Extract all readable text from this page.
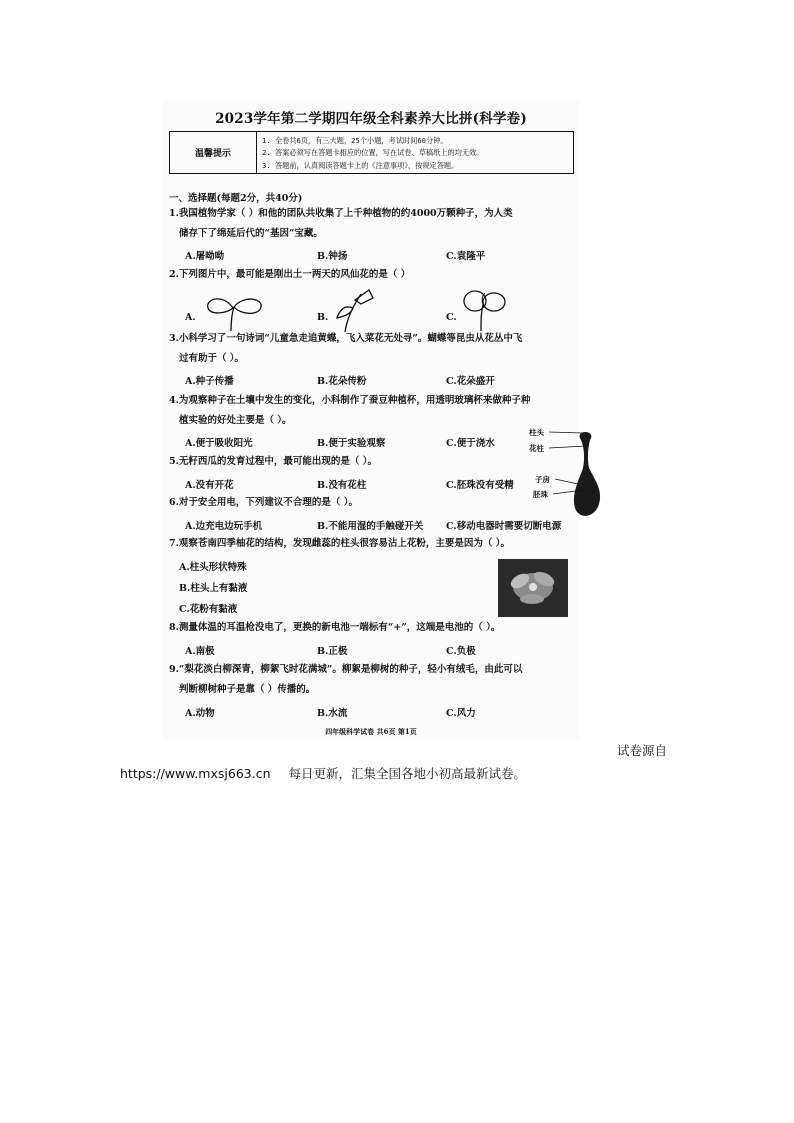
2023学年第二学期四年级全科素养大比拼(科学卷)
温馨提示
1. 全卷共6页，有三大题，25个小题，考试时间60分钟。
2. 答案必须写在答题卡相应的位置，写在试卷、草稿纸上的均无效。
3. 答题前，认真阅读答题卡上的《注意事项》，按规定答题。
一、选择题(每题2分，共40分)
1.我国植物学家（ ）和他的团队共收集了上千种植物的约4000万颗种子，为人类
储存下了绵延后代的“基因”宝藏。
A.屠呦呦	B.钟扬	C.袁隆平
2.下列图片中，最可能是刚出土一两天的风仙花的是（ ）
A.	B.	C.
3.小科学习了一句诗词“儿童急走追黄蝶，飞入菜花无处寻”。蝴蝶等昆虫从花丛中飞
过有助于（ ）。
A.种子传播	B.花朵传粉	C.花朵盛开
4.为观察种子在土壤中发生的变化，小科制作了蚕豆种植杯，用透明玻璃杯来做种子种
植实验的好处主要是（ ）。
A.便于吸收阳光	B.便于实验观察	C.便于浇水
5.无籽西瓜的发育过程中，最可能出现的是（ ）。
A.没有开花	B.没有花柱	C.胚珠没有受精
柱头
花柱
子房
胚珠
6.对于安全用电，下列建议不合理的是（ ）。
A.边充电边玩手机	B.不能用湿的手触碰开关 C.移动电器时需要切断电源
7.观察苍南四季柚花的结构，发现雌蕊的柱头很容易沾上花粉，主要是因为（ ）。
A.柱头形状特殊
B.柱头上有黏液
C.花粉有黏液
8.测量体温的耳温枪没电了，更换的新电池一端标有“+”，这端是电池的（ ）。
A.南极	B.正极	C.负极
9.“梨花淡白柳深青，柳絮飞时花满城”。柳絮是柳树的种子，轻小有绒毛，由此可以
判断柳树种子是靠（ ）传播的。
A.动物	B.水流	C.风力
四年级科学试卷 共6页 第1页
试卷源自
https://www.mxsj663.cn 每日更新，汇集全国各地小初高最新试卷。
